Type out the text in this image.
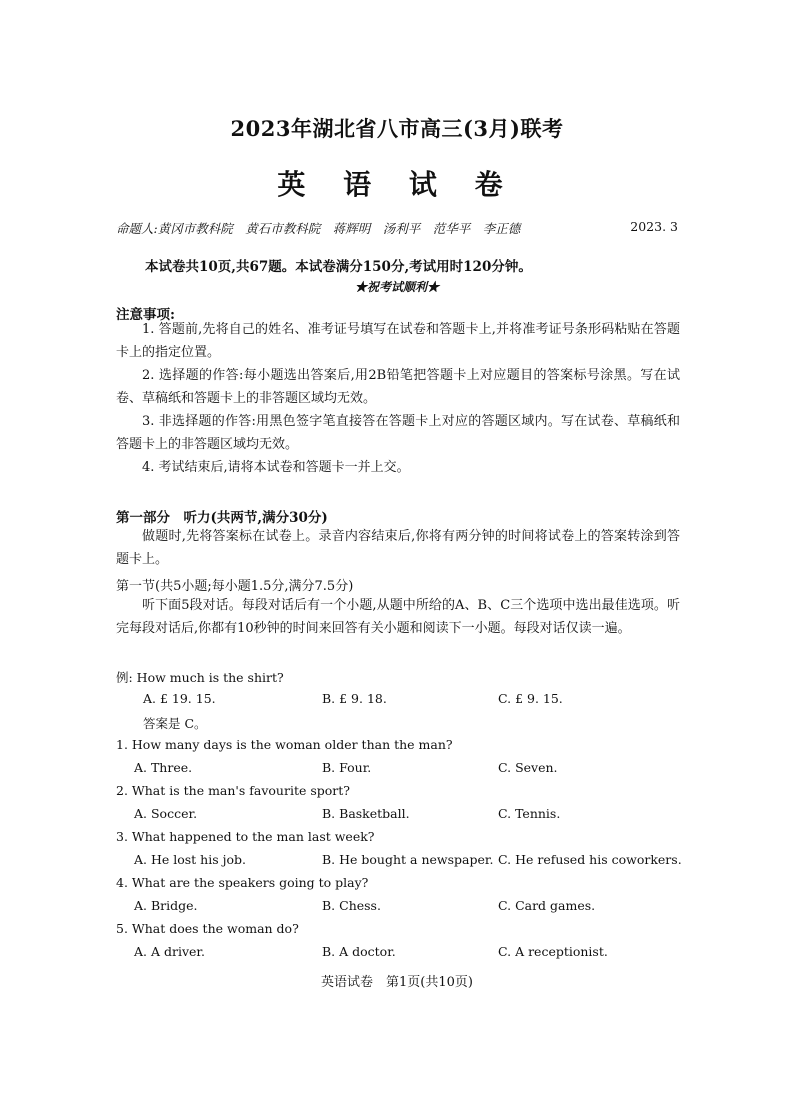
2023年湖北省八市高三(3月)联考
英 语 试 卷
命题人:黄冈市教科院　黄石市教科院　蒋辉明　汤利平　范华平　李正德	2023. 3
本试卷共10页,共67题。本试卷满分150分,考试用时120分钟。
★祝考试顺利★
注意事项:
1. 答题前,先将自己的姓名、准考证号填写在试卷和答题卡上,并将准考证号条形码粘贴在答题卡上的指定位置。
2. 选择题的作答:每小题选出答案后,用2B铅笔把答题卡上对应题目的答案标号涂黑。写在试卷、草稿纸和答题卡上的非答题区域均无效。
3. 非选择题的作答:用黑色签字笔直接答在答题卡上对应的答题区域内。写在试卷、草稿纸和答题卡上的非答题区域均无效。
4. 考试结束后,请将本试卷和答题卡一并上交。
第一部分　听力(共两节,满分30分)
做题时,先将答案标在试卷上。录音内容结束后,你将有两分钟的时间将试卷上的答案转涂到答题卡上。
第一节(共5小题;每小题1.5分,满分7.5分)
听下面5段对话。每段对话后有一个小题,从题中所给的A、B、C三个选项中选出最佳选项。听完每段对话后,你都有10秒钟的时间来回答有关小题和阅读下一小题。每段对话仅读一遍。
例: How much is the shirt?
A. £ 19. 15.	B. £ 9. 18.	C. £ 9. 15.
答案是 C。
1. How many days is the woman older than the man?
A. Three.	B. Four.	C. Seven.
2. What is the man's favourite sport?
A. Soccer.	B. Basketball.	C. Tennis.
3. What happened to the man last week?
A. He lost his job.	B. He bought a newspaper. C. He refused his coworkers.
4. What are the speakers going to play?
A. Bridge.	B. Chess.	C. Card games.
5. What does the woman do?
A. A driver.	B. A doctor.	C. A receptionist.
英语试卷　第1页(共10页)
